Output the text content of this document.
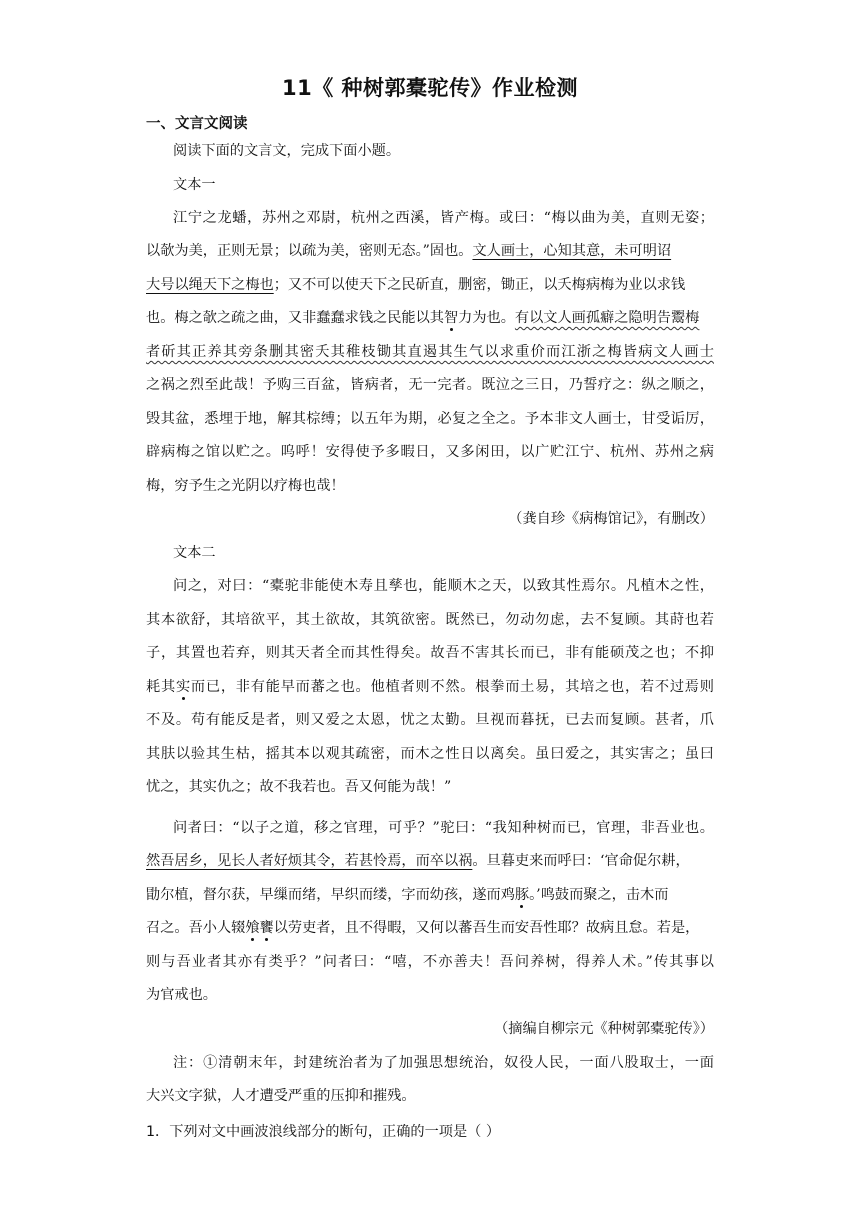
11《 种树郭橐驼传》作业检测
一、文言文阅读
阅读下面的文言文，完成下面小题。
文本一
江宁之龙蟠，苏州之邓尉，杭州之西溪，皆产梅。或曰：“梅以曲为美，直则无姿；
以欹为美，正则无景；以疏为美，密则无态。”固也。文人画士，心知其意，未可明诏
大号以绳天下之梅也；又不可以使天下之民斫直，删密，锄正，以夭梅病梅为业以求钱
也。梅之欹之疏之曲，又非蠢蠢求钱之民能以其智力为也。有以文人画孤癖之隐明告鬻梅
者斫其正养其旁条删其密夭其稚枝锄其直遏其生气以求重价而江浙之梅皆病文人画士
之祸之烈至此哉！予购三百盆，皆病者，无一完者。既泣之三日，乃誓疗之：纵之顺之，
毁其盆，悉埋于地，解其棕缚；以五年为期，必复之全之。予本非文人画士，甘受诟厉，
辟病梅之馆以贮之。呜呼！安得使予多暇日，又多闲田，以广贮江宁、杭州、苏州之病
梅，穷予生之光阴以疗梅也哉！
（龚自珍《病梅馆记》，有删改）
文本二
问之，对曰：“橐驼非能使木寿且孳也，能顺木之天，以致其性焉尔。凡植木之性，
其本欲舒，其培欲平，其土欲故，其筑欲密。既然已，勿动勿虑，去不复顾。其莳也若
子，其置也若弃，则其天者全而其性得矣。故吾不害其长而已，非有能硕茂之也；不抑
耗其实而已，非有能早而蕃之也。他植者则不然。根拳而土易，其培之也，若不过焉则
不及。苟有能反是者，则又爱之太恩，忧之太勤。旦视而暮抚，已去而复顾。甚者，爪
其肤以验其生枯，摇其本以观其疏密，而木之性日以离矣。虽曰爱之，其实害之；虽曰
忧之，其实仇之；故不我若也。吾又何能为哉！”
问者曰：“以子之道，移之官理，可乎？”驼曰：“我知种树而已，官理，非吾业也。
然吾居乡，见长人者好烦其令，若甚怜焉，而卒以祸。旦暮吏来而呼曰：‘官命促尔耕，
勖尔植，督尔获，早缫而绪，早织而缕，字而幼孩，遂而鸡豚。’鸣鼓而聚之，击木而
召之。吾小人辍飧饔以劳吏者，且不得暇，又何以蕃吾生而安吾性耶？故病且怠。若是，
则与吾业者其亦有类乎？”问者曰：“嘻，不亦善夫！吾问养树，得养人术。”传其事以
为官戒也。
（摘编自柳宗元《种树郭橐驼传》）
注：①清朝末年，封建统治者为了加强思想统治，奴役人民，一面八股取士，一面
大兴文字狱，人才遭受严重的压抑和摧残。
1．下列对文中画波浪线部分的断句，正确的一项是（ ）
